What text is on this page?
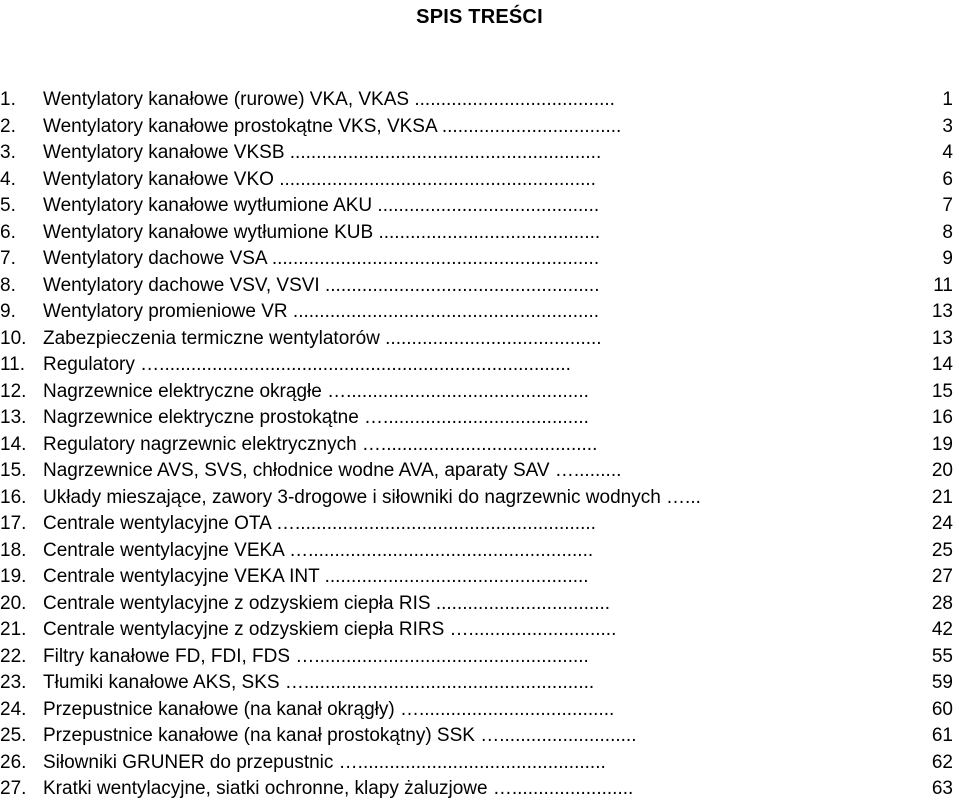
SPIS TREŚCI
1.	Wentylatory kanałowe (rurowe) VKA, VKAS ......................................	1
2.	Wentylatory kanałowe prostokątne VKS, VKSA ..................................	3
3.	Wentylatory kanałowe VKSB ...........................................................	4
4.	Wentylatory kanałowe VKO ............................................................	6
5.	Wentylatory kanałowe wytłumione AKU ..........................................	7
6.	Wentylatory kanałowe wytłumione KUB ..........................................	8
7.	Wentylatory dachowe VSA ..............................................................	9
8.	Wentylatory dachowe VSV, VSVI ....................................................	11
9.	Wentylatory promieniowe VR ..........................................................	13
10. Zabezpieczenia termiczne wentylatorów .........................................	13
11. Regulatory …..............................................................................	14
12. Nagrzewnice elektryczne okrągłe …..............................................	15
13. Nagrzewnice elektryczne prostokątne ….......................................	16
14. Regulatory nagrzewnic elektrycznych ….........................................	19
15. Nagrzewnice AVS, SVS, chłodnice wodne AVA, aparaty SAV ….........	20
16. Układy mieszające, zawory 3-drogowe i siłowniki do nagrzewnic wodnych …...	21
17. Centrale wentylacyjne OTA ….........................................................	24
18. Centrale wentylacyjne VEKA …......................................................	25
19. Centrale wentylacyjne VEKA INT ..................................................	27
20. Centrale wentylacyjne z odzyskiem ciepła RIS .................................	28
21. Centrale wentylacyjne z odzyskiem ciepła RIRS …............................	42
22. Filtry kanałowe FD, FDI, FDS …....................................................	55
23. Tłumiki kanałowe AKS, SKS ….......................................................	59
24. Przepustnice kanałowe (na kanał okrągły) ….....................................	60
25. Przepustnice kanałowe (na kanał prostokątny) SSK …..........................	61
26. Siłowniki GRUNER do przepustnic …...............................................	62
27. Kratki wentylacyjne, siatki ochronne, klapy żaluzjowe ….......................	63
